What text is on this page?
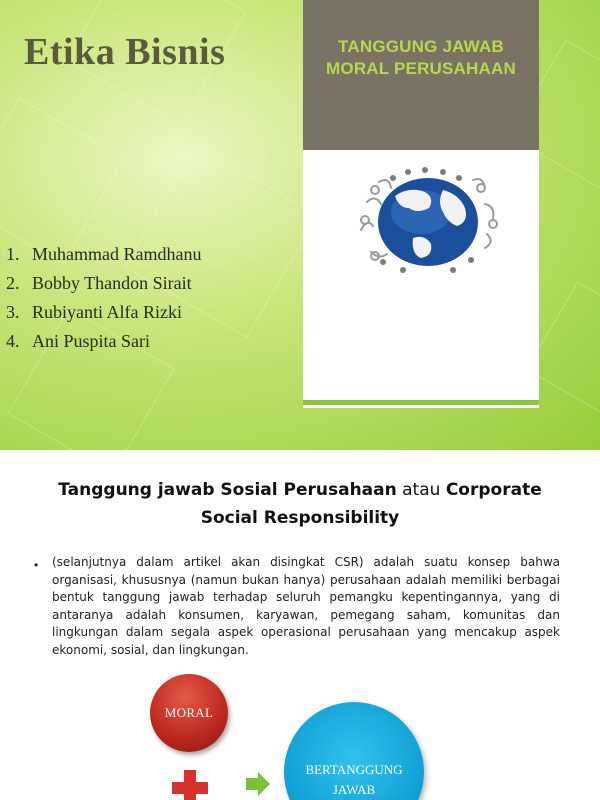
Etika Bisnis
1. Muhammad Ramdhanu
2. Bobby Thandon Sirait
3. Rubiyanti Alfa Rizki
4. Ani Puspita Sari
TANGGUNG JAWAB
MORAL PERUSAHAAN
Tanggung jawab Sosial Perusahaan atau Corporate
Social Responsibility
• (selanjutnya dalam artikel akan disingkat CSR) adalah suatu konsep bahwa organisasi, khususnya (namun bukan hanya) perusahaan adalah memiliki berbagai bentuk tanggung jawab terhadap seluruh pemangku kepentingannya, yang di antaranya adalah konsumen, karyawan, pemegang saham, komunitas dan lingkungan dalam segala aspek operasional perusahaan yang mencakup aspek ekonomi, sosial, dan lingkungan.

MORAL
BERTANGGUNG
JAWAB
